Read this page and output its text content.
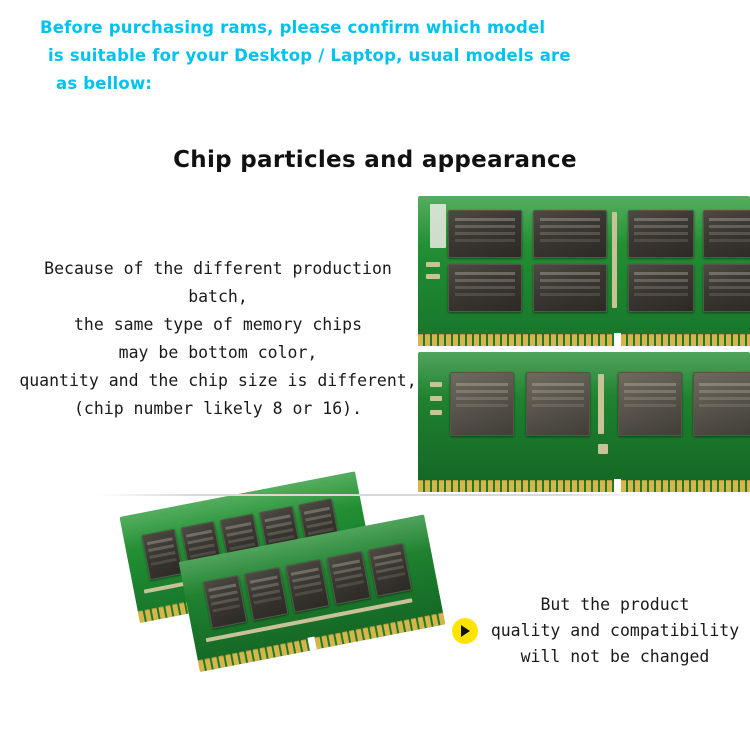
Before purchasing rams, please confirm which model
is suitable for your Desktop / Laptop, usual models are
as bellow:
Chip particles and appearance
Because of the different production batch,
the same type of memory chips
may be bottom color,
quantity and the chip size is different,
(chip number likely 8 or 16).
But the product
quality and compatibility
will not be changed
